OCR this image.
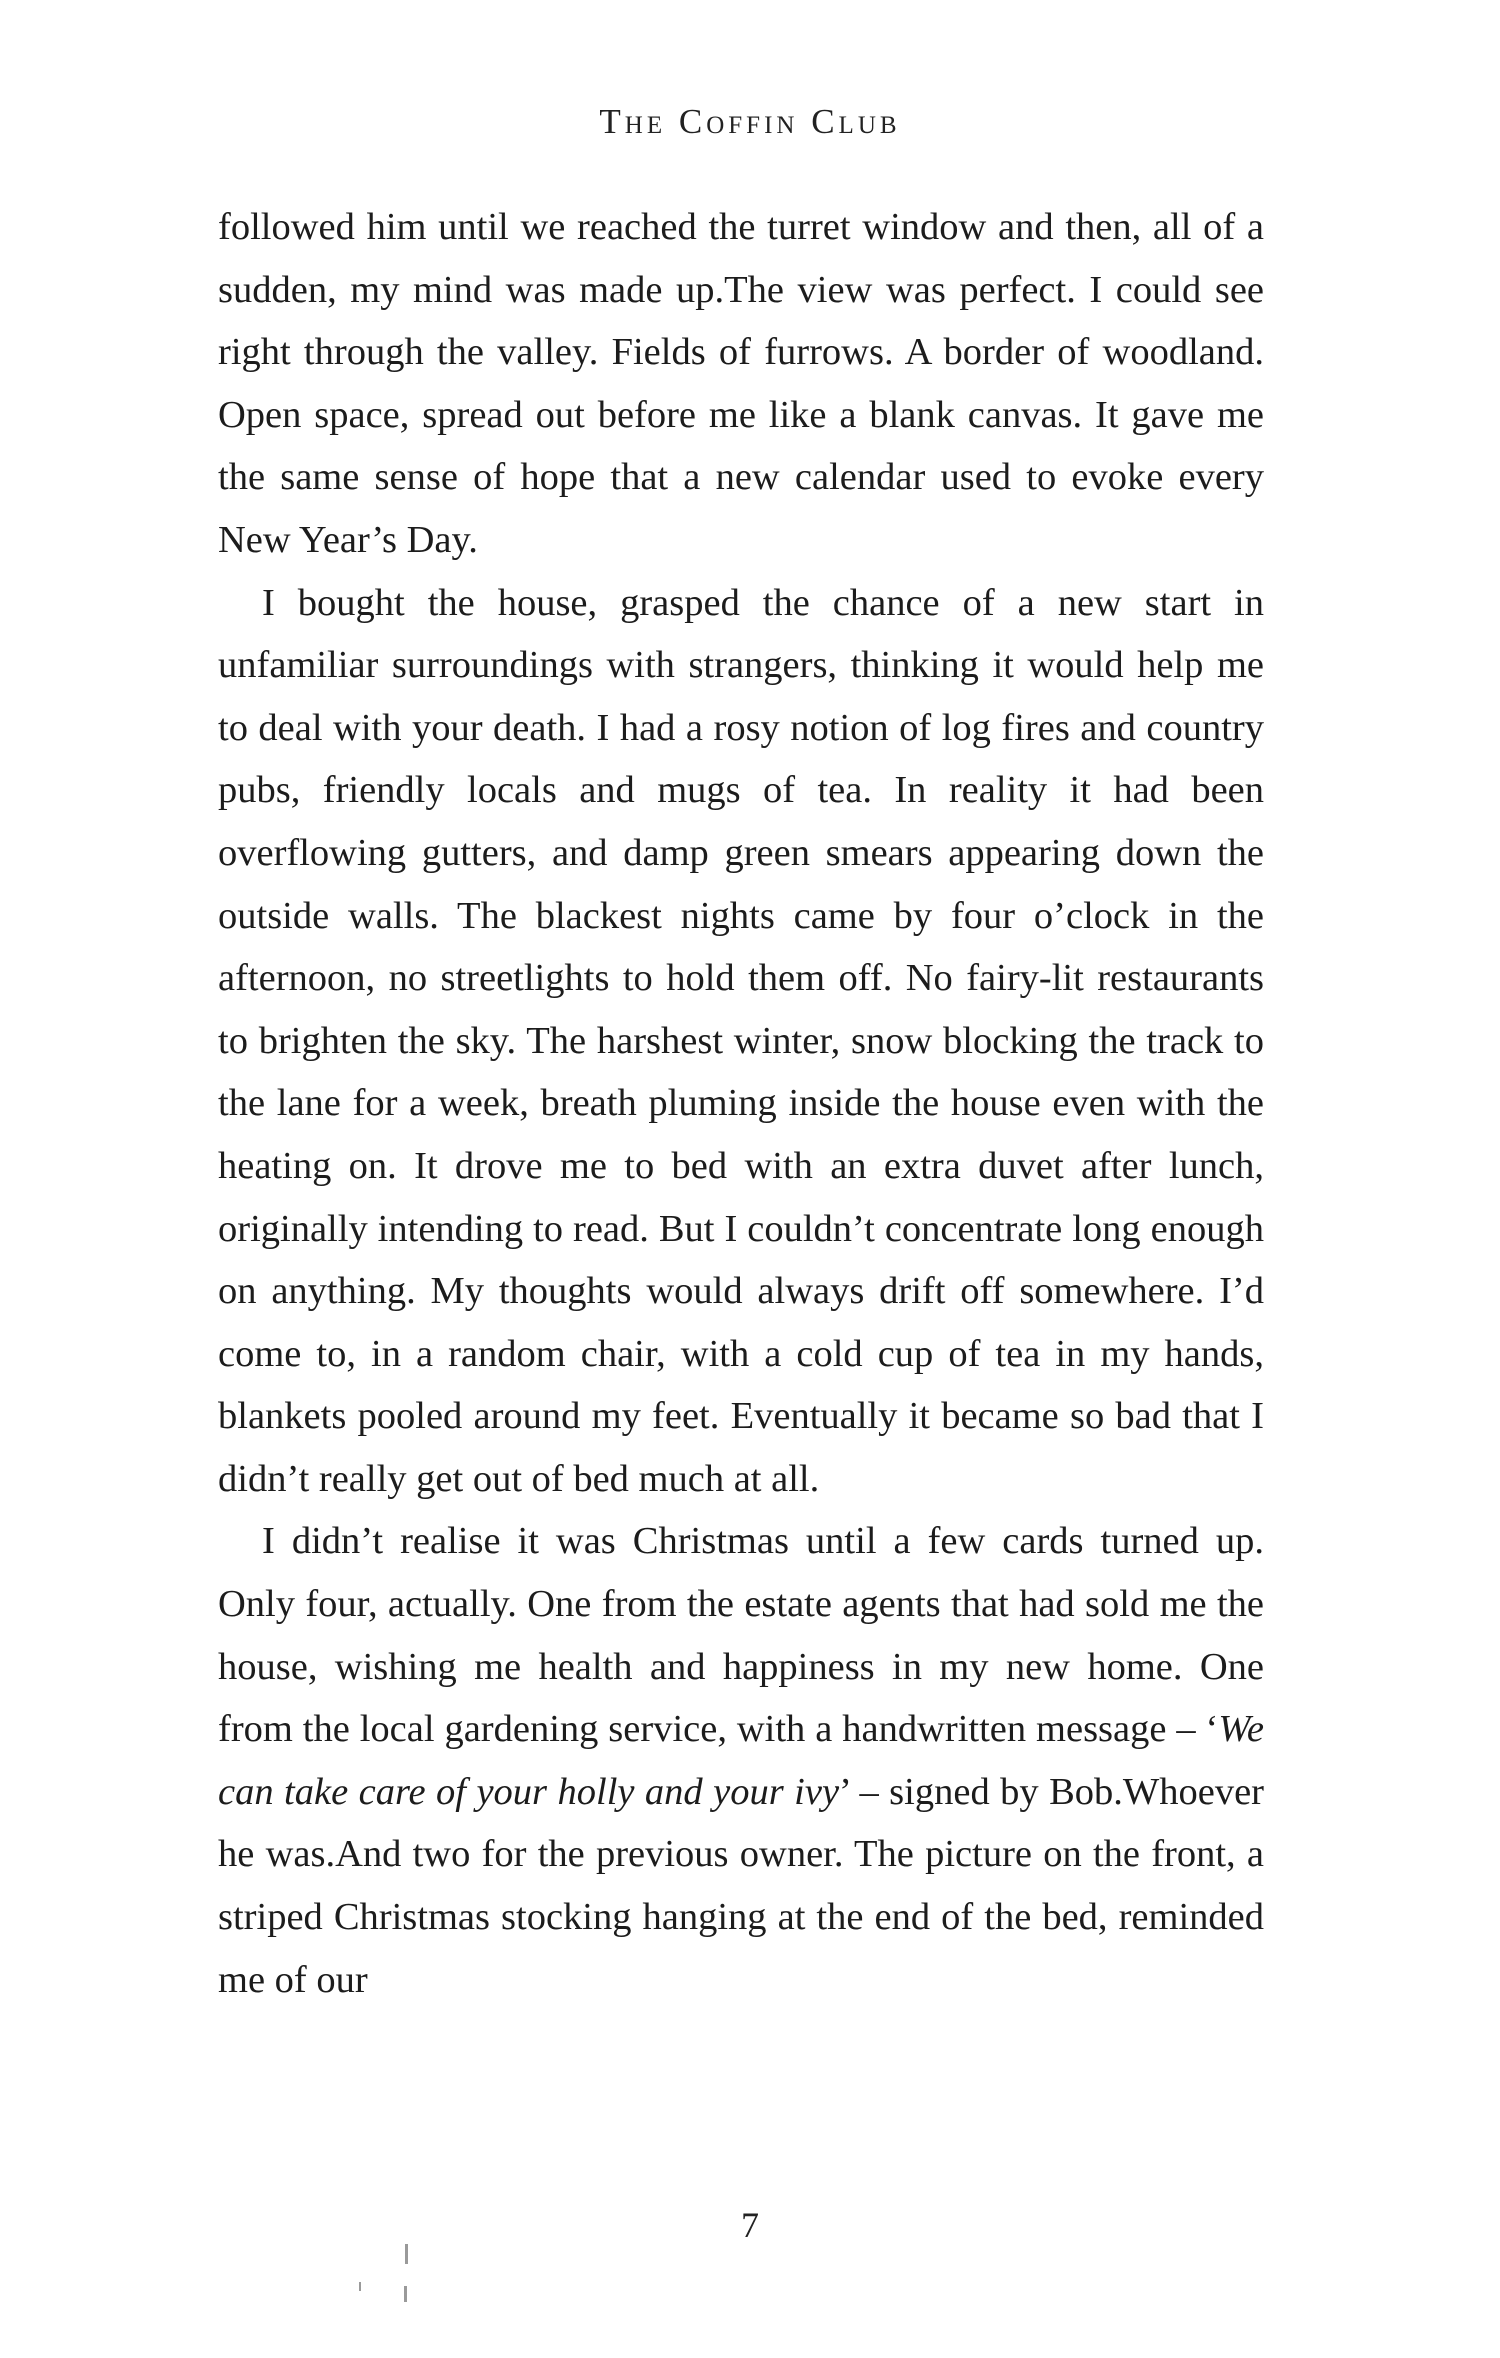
The Coffin Club

followed him until we reached the turret window and then, all of a sudden, my mind was made up.The view was perfect. I could see right through the valley. Fields of furrows. A border of woodland. Open space, spread out before me like a blank canvas. It gave me the same sense of hope that a new calendar used to evoke every New Year’s Day.

I bought the house, grasped the chance of a new start in unfamiliar surroundings with strangers, thinking it would help me to deal with your death. I had a rosy notion of log fires and country pubs, friendly locals and mugs of tea. In reality it had been overflowing gutters, and damp green smears appearing down the outside walls. The blackest nights came by four o’clock in the afternoon, no streetlights to hold them off. No fairy-lit restaurants to brighten the sky. The harshest winter, snow blocking the track to the lane for a week, breath pluming inside the house even with the heating on. It drove me to bed with an extra duvet after lunch, originally intending to read. But I couldn’t concentrate long enough on anything. My thoughts would always drift off somewhere. I’d come to, in a random chair, with a cold cup of tea in my hands, blankets pooled around my feet. Eventually it became so bad that I didn’t really get out of bed much at all.

I didn’t realise it was Christmas until a few cards turned up. Only four, actually. One from the estate agents that had sold me the house, wishing me health and happiness in my new home. One from the local gardening service, with a handwritten message – ‘We can take care of your holly and your ivy’ – signed by Bob.Whoever he was.And two for the previous owner. The picture on the front, a striped Christmas stocking hanging at the end of the bed, reminded me of our

7
